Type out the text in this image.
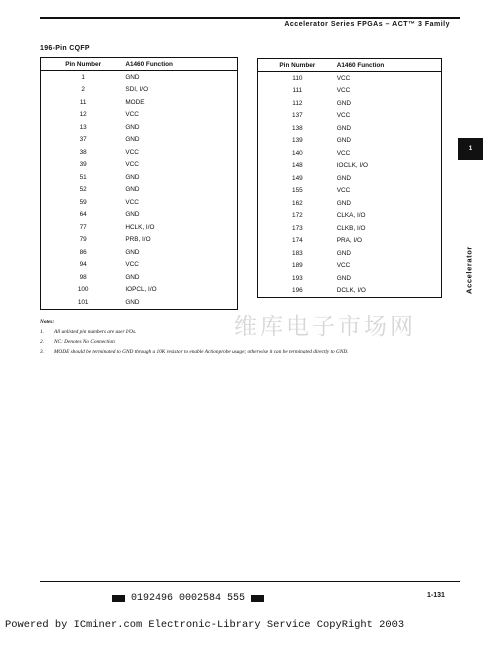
Accelerator Series FPGAs – ACT™ 3 Family
196-Pin CQFP
Pin Number	A1460 Function
1	GND
2	SDI, I/O
11	MODE
12	VCC
13	GND
37	GND
38	VCC
39	VCC
51	GND
52	GND
59	VCC
64	GND
77	HCLK, I/O
79	PRB, I/O
86	GND
94	VCC
98	GND
100	IOPCL, I/O
101	GND
Pin Number	A1460 Function
110	VCC
111	VCC
112	GND
137	VCC
138	GND
139	GND
140	VCC
148	IOCLK, I/O
149	GND
155	VCC
162	GND
172	CLKA, I/O
173	CLKB, I/O
174	PRA, I/O
183	GND
189	VCC
193	GND
196	DCLK, I/O
1
Accelerator
Notes:
1.	All unlisted pin numbers are user I/Os.
2.	NC: Denotes No Connection
3.	MODE should be terminated to GND through a 10K resistor to enable Actionprobe usage; otherwise it can be terminated directly to GND.
维库电子市场网
0192496 0002584 555	1-131
Powered by ICminer.com Electronic-Library Service CopyRight 2003
